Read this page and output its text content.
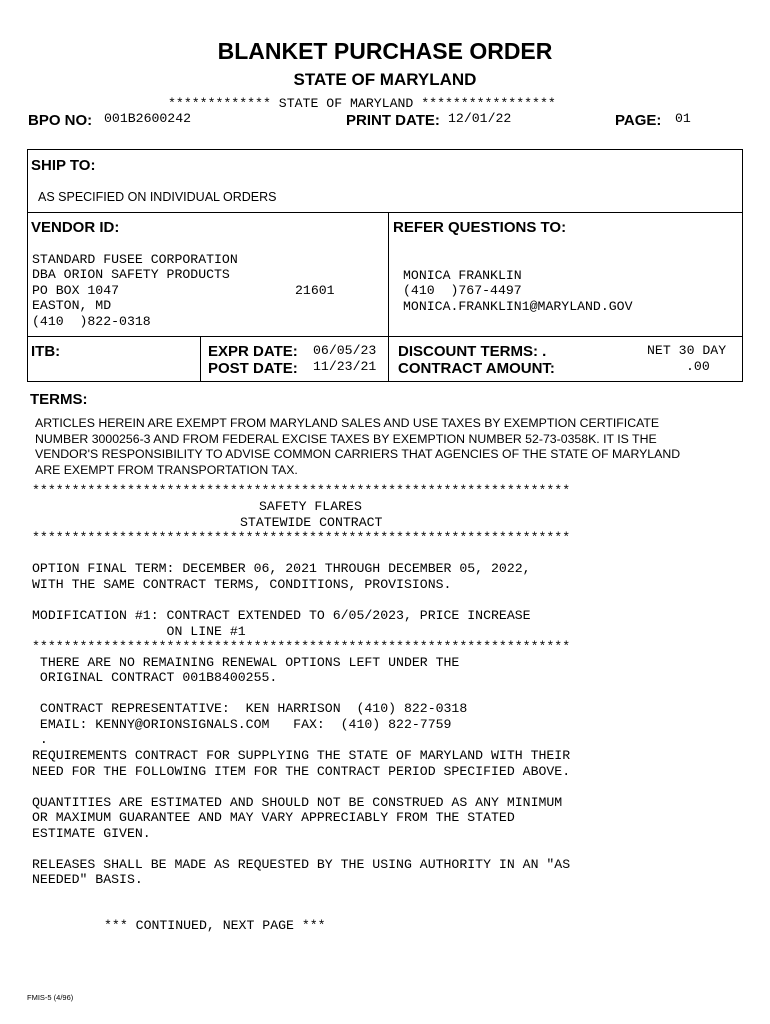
BLANKET PURCHASE ORDER
STATE OF MARYLAND
************* STATE OF MARYLAND *****************
BPO NO: 001B2600242	PRINT DATE: 12/01/22	PAGE: 01
SHIP TO:
AS SPECIFIED ON INDIVIDUAL ORDERS
VENDOR ID:

STANDARD FUSEE CORPORATION
DBA ORION SAFETY PRODUCTS
PO BOX 1047
EASTON, MD
(410  )822-0318
21601
REFER QUESTIONS TO:

MONICA FRANKLIN
(410  )767-4497
MONICA.FRANKLIN1@MARYLAND.GOV
ITB:	EXPR DATE: 06/05/23
POST DATE: 11/23/21
DISCOUNT TERMS: .	NET 30 DAY
CONTRACT AMOUNT:	.00
TERMS:
ARTICLES HEREIN ARE EXEMPT FROM MARYLAND SALES AND USE TAXES BY EXEMPTION CERTIFICATE
NUMBER 3000256-3 AND FROM FEDERAL EXCISE TAXES BY EXEMPTION NUMBER 52-73-0358K. IT IS THE
VENDOR'S RESPONSIBILITY TO ADVISE COMMON CARRIERS THAT AGENCIES OF THE STATE OF MARYLAND
ARE EXEMPT FROM TRANSPORTATION TAX.
********************************************************************
SAFETY FLARES
STATEWIDE CONTRACT
********************************************************************
OPTION FINAL TERM: DECEMBER 06, 2021 THROUGH DECEMBER 05, 2022,
WITH THE SAME CONTRACT TERMS, CONDITIONS, PROVISIONS.
MODIFICATION #1: CONTRACT EXTENDED TO 6/05/2023, PRICE INCREASE
ON LINE #1
********************************************************************
THERE ARE NO REMAINING RENEWAL OPTIONS LEFT UNDER THE
ORIGINAL CONTRACT 001B8400255.
CONTRACT REPRESENTATIVE:  KEN HARRISON  (410) 822-0318
EMAIL: KENNY@ORIONSIGNALS.COM   FAX:  (410) 822-7759
.
REQUIREMENTS CONTRACT FOR SUPPLYING THE STATE OF MARYLAND WITH THEIR
NEED FOR THE FOLLOWING ITEM FOR THE CONTRACT PERIOD SPECIFIED ABOVE.
QUANTITIES ARE ESTIMATED AND SHOULD NOT BE CONSTRUED AS ANY MINIMUM
OR MAXIMUM GUARANTEE AND MAY VARY APPRECIABLY FROM THE STATED
ESTIMATE GIVEN.
RELEASES SHALL BE MADE AS REQUESTED BY THE USING AUTHORITY IN AN "AS
NEEDED" BASIS.
*** CONTINUED, NEXT PAGE ***
FMIS-5 (4/96)
